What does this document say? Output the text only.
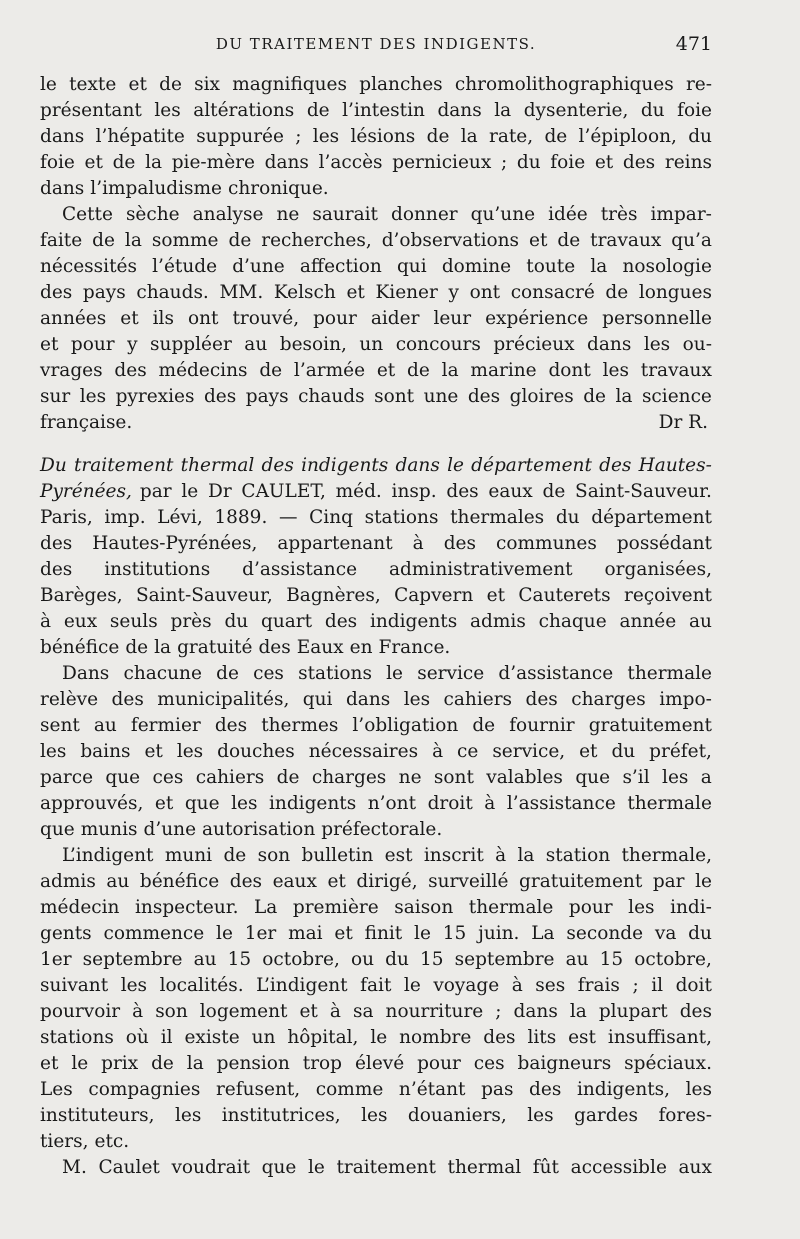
DU TRAITEMENT DES INDIGENTS.	471
le texte et de six magnifiques planches chromolithographiques re-
présentant les altérations de l’intestin dans la dysenterie, du foie
dans l’hépatite suppurée ; les lésions de la rate, de l’épiploon, du
foie et de la pie-mère dans l’accès pernicieux ; du foie et des reins
dans l’impaludisme chronique.
Cette sèche analyse ne saurait donner qu’une idée très impar-
faite de la somme de recherches, d’observations et de travaux qu’a
nécessités l’étude d’une affection qui domine toute la nosologie
des pays chauds. MM. Kelsch et Kiener y ont consacré de longues
années et ils ont trouvé, pour aider leur expérience personnelle
et pour y suppléer au besoin, un concours précieux dans les ou-
vrages des médecins de l’armée et de la marine dont les travaux
sur les pyrexies des pays chauds sont une des gloires de la science
française.	Dr R.
Du traitement thermal des indigents dans le département des Hautes-
Pyrénées, par le Dr CAULET, méd. insp. des eaux de Saint-Sauveur.
Paris, imp. Lévi, 1889. — Cinq stations thermales du département
des Hautes-Pyrénées, appartenant à des communes possédant
des institutions d’assistance administrativement organisées,
Barèges, Saint-Sauveur, Bagnères, Capvern et Cauterets reçoivent
à eux seuls près du quart des indigents admis chaque année au
bénéfice de la gratuité des Eaux en France.
Dans chacune de ces stations le service d’assistance thermale
relève des municipalités, qui dans les cahiers des charges impo-
sent au fermier des thermes l’obligation de fournir gratuitement
les bains et les douches nécessaires à ce service, et du préfet,
parce que ces cahiers de charges ne sont valables que s’il les a
approuvés, et que les indigents n’ont droit à l’assistance thermale
que munis d’une autorisation préfectorale.
L’indigent muni de son bulletin est inscrit à la station thermale,
admis au bénéfice des eaux et dirigé, surveillé gratuitement par le
médecin inspecteur. La première saison thermale pour les indi-
gents commence le 1er mai et finit le 15 juin. La seconde va du
1er septembre au 15 octobre, ou du 15 septembre au 15 octobre,
suivant les localités. L’indigent fait le voyage à ses frais ; il doit
pourvoir à son logement et à sa nourriture ; dans la plupart des
stations où il existe un hôpital, le nombre des lits est insuffisant,
et le prix de la pension trop élevé pour ces baigneurs spéciaux.
Les compagnies refusent, comme n’étant pas des indigents, les
instituteurs, les institutrices, les douaniers, les gardes fores-
tiers, etc.
M. Caulet voudrait que le traitement thermal fût accessible aux
